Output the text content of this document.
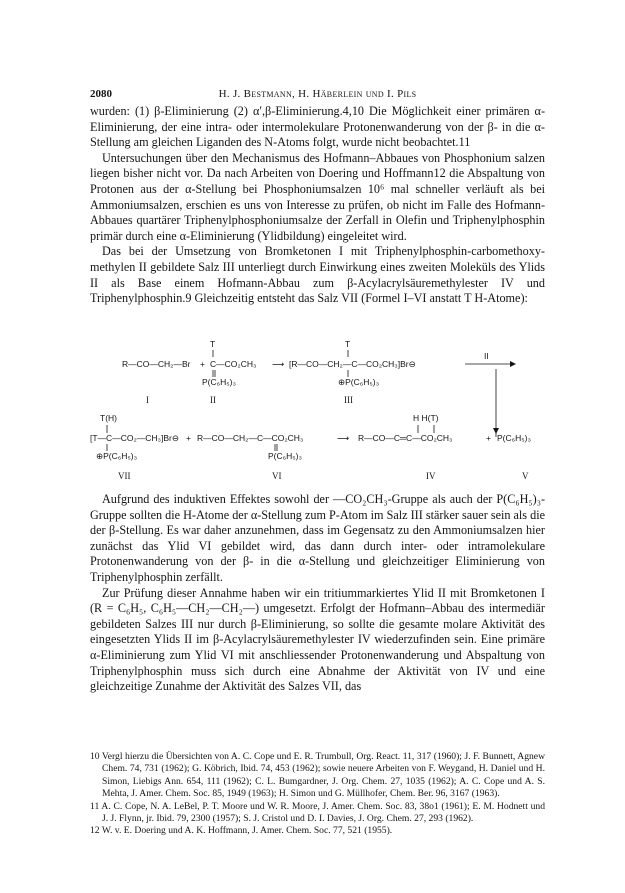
2080	H. J. Bestmann, H. Häberlein und I. Pils

wurden: (1) β-Eliminierung (2) α′,β-Eliminierung.4,10 Die Möglichkeit einer primären α-Eliminierung, der eine intra- oder intermolekulare Protonenwanderung von der β- in die α-Stellung am gleichen Liganden des N-Atoms folgt, wurde nicht beobachtet.11

Untersuchungen über den Mechanismus des Hofmann–Abbaues von Phosphonium salzen liegen bisher nicht vor. Da nach Arbeiten von Doering und Hoffmann12 die Abspaltung von Protonen aus der α-Stellung bei Phosphoniumsalzen 10⁶ mal schneller verläuft als bei Ammoniumsalzen, erschien es uns von Interesse zu prüfen, ob nicht im Falle des Hofmann-Abbaues quartärer Triphenylphosphoniumsalze der Zerfall in Olefin und Triphenylphosphin primär durch eine α-Eliminierung (Ylidbildung) eingeleitet wird.

Das bei der Umsetzung von Bromketonen I mit Triphenylphosphin-carbomethoxy-methylen II gebildete Salz III unterliegt durch Einwirkung eines zweiten Moleküls des Ylids II als Base einem Hofmann-Abbau zum β-Acylacrylsäuremethylester IV und Triphenylphosphin.9 Gleichzeitig entsteht das Salz VII (Formel I–VI anstatt T H-Atome):

T	T
R—CO—CH₂—Br + C—CO₂CH₃
P(C₆H₅)₃
⟶ [R—CO—CH₂—C—CO₂CH₃]Br⊖
⊕P(C₆H₅)₃
II
I	II	III
T(H)
[T—C—CO₂—CH₃]Br⊖
⊕P(C₆H₅)₃
+ R—CO—CH₂—C—CO₂CH₃
P(C₆H₅)₃
⟶
H H(T)
R—CO—C═C—CO₂CH₃	+ P(C₆H₅)₃
VII	VI	IV	V

Aufgrund des induktiven Effektes sowohl der —CO₂CH₃-Gruppe als auch der P(C₆H₅)₃-Gruppe sollten die H-Atome der α-Stellung zum P-Atom im Salz III stärker sauer sein als die der β-Stellung. Es war daher anzunehmen, dass im Gegensatz zu den Ammoniumsalzen hier zunächst das Ylid VI gebildet wird, das dann durch inter- oder intramolekulare Protonenwanderung von der β- in die α-Stellung und gleichzeitiger Eliminierung von Triphenylphosphin zerfällt.

Zur Prüfung dieser Annahme haben wir ein tritiummarkiertes Ylid II mit Bromketonen I (R = C₆H₅, C₆H₅—CH₂—CH₂—) umgesetzt. Erfolgt der Hofmann–Abbau des intermediär gebildeten Salzes III nur durch β-Eliminierung, so sollte die gesamte molare Aktivität des eingesetzten Ylids II im β-Acylacrylsäuremethylester IV wiederzufinden sein. Eine primäre α-Eliminierung zum Ylid VI mit anschliessender Protonenwanderung und Abspaltung von Triphenylphosphin muss sich durch eine Abnahme der Aktivität von IV und eine gleichzeitige Zunahme der Aktivität des Salzes VII, das

10 Vergl hierzu die Übersichten von A. C. Cope und E. R. Trumbull, Org. React. 11, 317 (1960); J. F. Bunnett, Agnew Chem. 74, 731 (1962); G. Köbrich, Ibid. 74, 453 (1962); sowie neuere Arbeiten von F. Weygand, H. Daniel und H. Simon, Liebigs Ann. 654, 111 (1962); C. L. Bumgardner, J. Org. Chem. 27, 1035 (1962); A. C. Cope und A. S. Mehta, J. Amer. Chem. Soc. 85, 1949 (1963); H. Simon und G. Müllhofer, Chem. Ber. 96, 3167 (1963).

11 A. C. Cope, N. A. LeBel, P. T. Moore und W. R. Moore, J. Amer. Chem. Soc. 83, 38o1 (1961); E. M. Hodnett und J. J. Flynn, jr. Ibid. 79, 2300 (1957); S. J. Cristol und D. I. Davies, J. Org. Chem. 27, 293 (1962).

12 W. v. E. Doering und A. K. Hoffmann, J. Amer. Chem. Soc. 77, 521 (1955).
